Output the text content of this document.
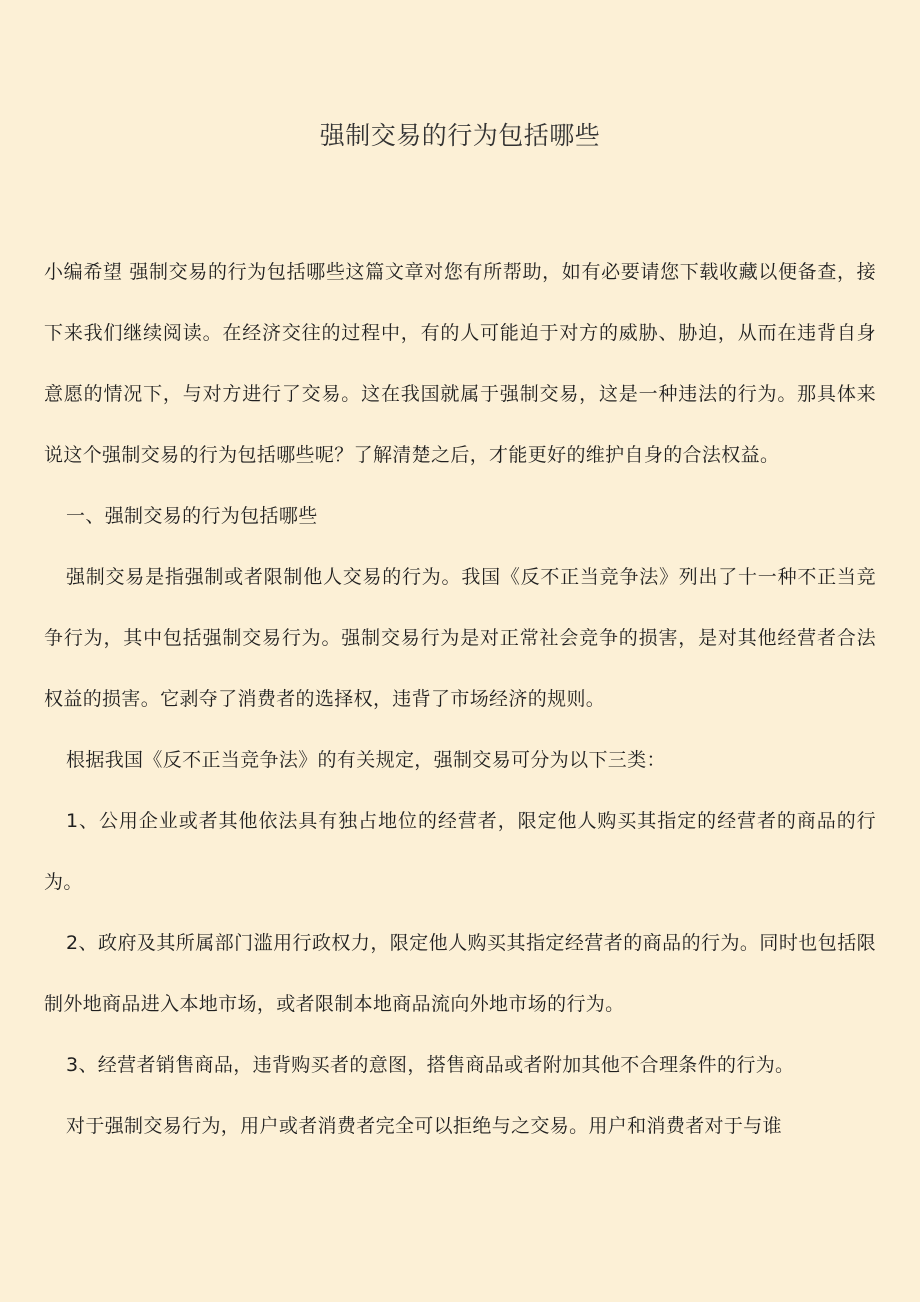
强制交易的行为包括哪些

小编希望 强制交易的行为包括哪些这篇文章对您有所帮助，如有必要请您下载收藏以便备查，接下来我们继续阅读。在经济交往的过程中，有的人可能迫于对方的威胁、胁迫，从而在违背自身意愿的情况下，与对方进行了交易。这在我国就属于强制交易，这是一种违法的行为。那具体来说这个强制交易的行为包括哪些呢？了解清楚之后，才能更好的维护自身的合法权益。

一、强制交易的行为包括哪些

强制交易是指强制或者限制他人交易的行为。我国《反不正当竞争法》列出了十一种不正当竞争行为，其中包括强制交易行为。强制交易行为是对正常社会竞争的损害，是对其他经营者合法权益的损害。它剥夺了消费者的选择权，违背了市场经济的规则。

根据我国《反不正当竞争法》的有关规定，强制交易可分为以下三类：

1、公用企业或者其他依法具有独占地位的经营者，限定他人购买其指定的经营者的商品的行为。

2、政府及其所属部门滥用行政权力，限定他人购买其指定经营者的商品的行为。同时也包括限制外地商品进入本地市场，或者限制本地商品流向外地市场的行为。

3、经营者销售商品，违背购买者的意图，搭售商品或者附加其他不合理条件的行为。

对于强制交易行为，用户或者消费者完全可以拒绝与之交易。用户和消费者对于与谁
